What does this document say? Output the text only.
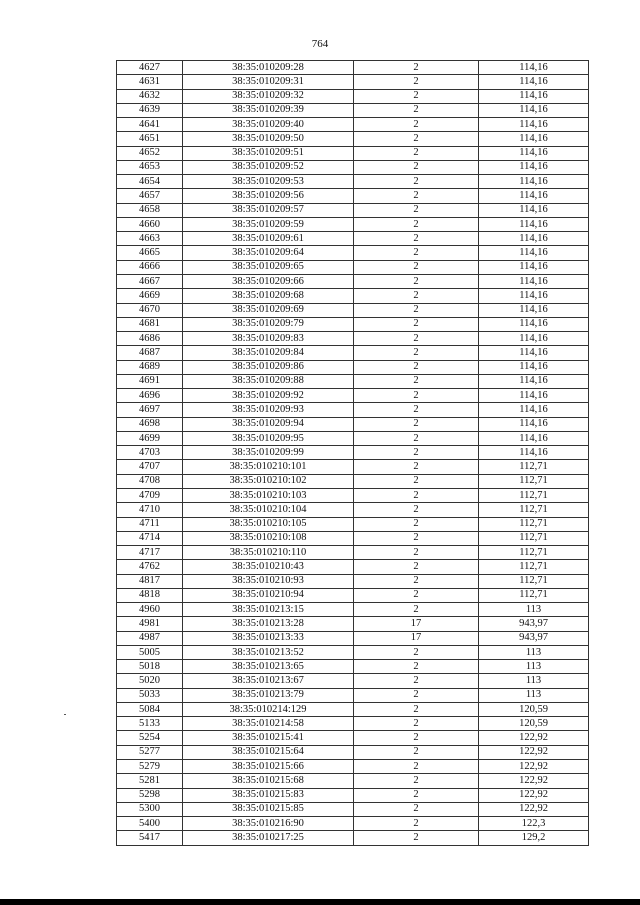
764
4627	38:35:010209:28	2	114,16
4631	38:35:010209:31	2	114,16
4632	38:35:010209:32	2	114,16
4639	38:35:010209:39	2	114,16
4641	38:35:010209:40	2	114,16
4651	38:35:010209:50	2	114,16
4652	38:35:010209:51	2	114,16
4653	38:35:010209:52	2	114,16
4654	38:35:010209:53	2	114,16
4657	38:35:010209:56	2	114,16
4658	38:35:010209:57	2	114,16
4660	38:35:010209:59	2	114,16
4663	38:35:010209:61	2	114,16
4665	38:35:010209:64	2	114,16
4666	38:35:010209:65	2	114,16
4667	38:35:010209:66	2	114,16
4669	38:35:010209:68	2	114,16
4670	38:35:010209:69	2	114,16
4681	38:35:010209:79	2	114,16
4686	38:35:010209:83	2	114,16
4687	38:35:010209:84	2	114,16
4689	38:35:010209:86	2	114,16
4691	38:35:010209:88	2	114,16
4696	38:35:010209:92	2	114,16
4697	38:35:010209:93	2	114,16
4698	38:35:010209:94	2	114,16
4699	38:35:010209:95	2	114,16
4703	38:35:010209:99	2	114,16
4707	38:35:010210:101	2	112,71
4708	38:35:010210:102	2	112,71
4709	38:35:010210:103	2	112,71
4710	38:35:010210:104	2	112,71
4711	38:35:010210:105	2	112,71
4714	38:35:010210:108	2	112,71
4717	38:35:010210:110	2	112,71
4762	38:35:010210:43	2	112,71
4817	38:35:010210:93	2	112,71
4818	38:35:010210:94	2	112,71
4960	38:35:010213:15	2	113
4981	38:35:010213:28	17	943,97
4987	38:35:010213:33	17	943,97
5005	38:35:010213:52	2	113
5018	38:35:010213:65	2	113
5020	38:35:010213:67	2	113
5033	38:35:010213:79	2	113
5084	38:35:010214:129	2	120,59
5133	38:35:010214:58	2	120,59
5254	38:35:010215:41	2	122,92
5277	38:35:010215:64	2	122,92
5279	38:35:010215:66	2	122,92
5281	38:35:010215:68	2	122,92
5298	38:35:010215:83	2	122,92
5300	38:35:010215:85	2	122,92
5400	38:35:010216:90	2	122,3
5417	38:35:010217:25	2	129,2
